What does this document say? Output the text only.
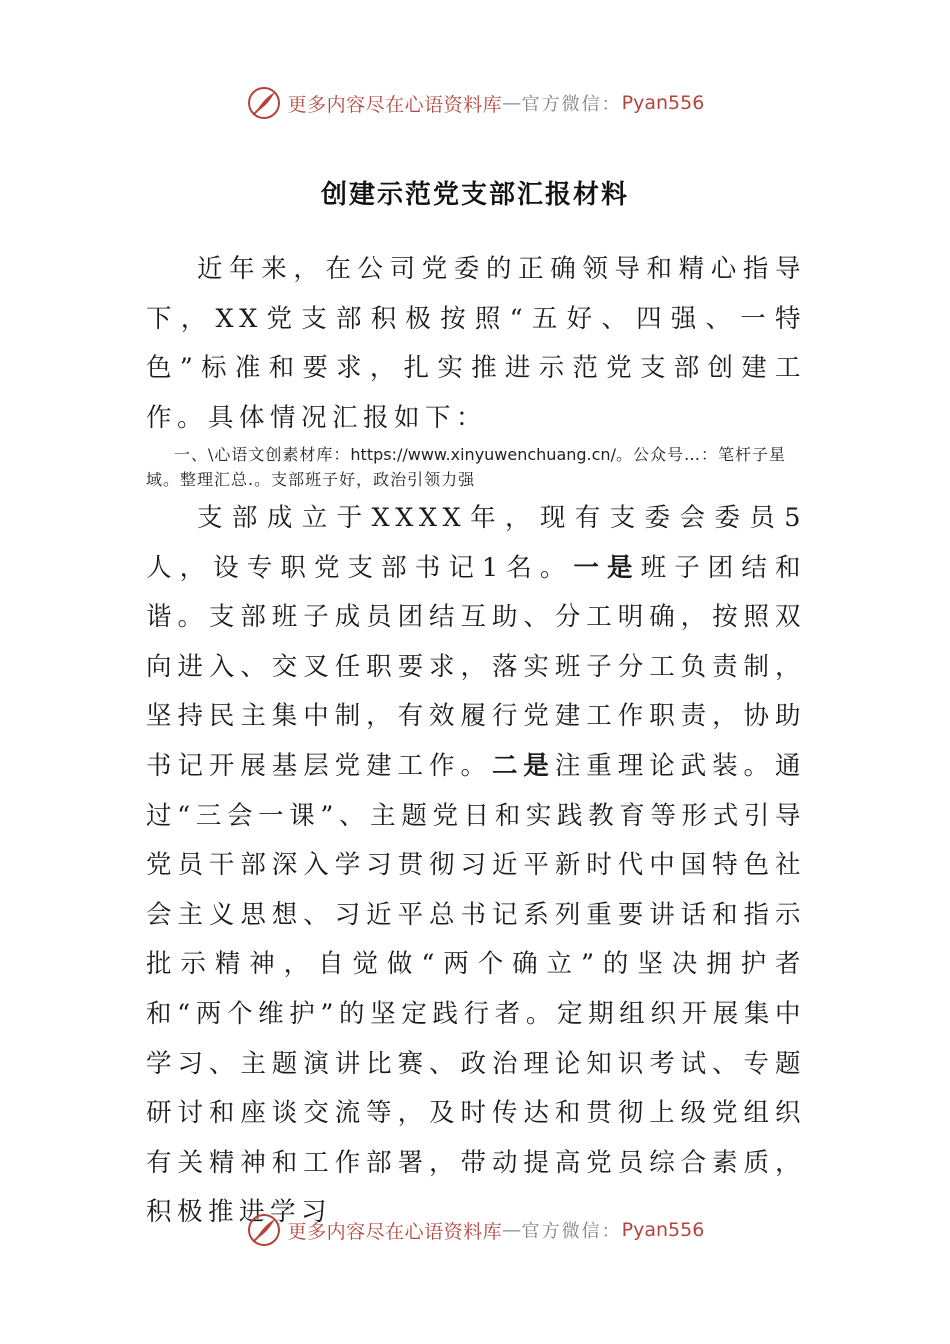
更多内容尽在心语资料库 — 官方微信： Pyan556
创建示范党支部汇报材料

近年来，在公司党委的正确领导和精心指导下，XX党支部积极按照“五好、四强、一特色”标准和要求，扎实推进示范党支部创建工作。具体情况汇报如下：

一、\心语文创素材库：https://www.xinyuwenchuang.cn/。公众号…：笔杆子星域。整理汇总.。支部班子好，政治引领力强

支部成立于XXXX年，现有支委会委员5人，设专职党支部书记1名。一是班子团结和谐。支部班子成员团结互助、分工明确，按照双向进入、交叉任职要求，落实班子分工负责制，坚持民主集中制，有效履行党建工作职责，协助书记开展基层党建工作。二是注重理论武装。通过“三会一课”、主题党日和实践教育等形式引导党员干部深入学习贯彻习近平新时代中国特色社会主义思想、习近平总书记系列重要讲话和指示批示精神，自觉做“两个确立”的坚决拥护者和“两个维护”的坚定践行者。定期组织开展集中学习、主题演讲比赛、政治理论知识考试、专题研讨和座谈交流等，及时传达和贯彻上级党组织有关精神和工作部署，带动提高党员综合素质，积极推进学习

更多内容尽在心语资料库 — 官方微信： Pyan556
